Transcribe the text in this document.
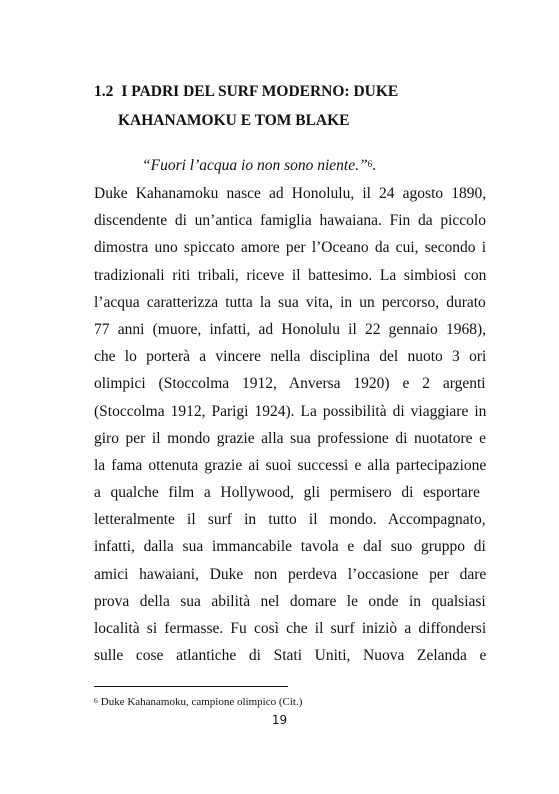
1.2 I PADRI DEL SURF MODERNO: DUKE
KAHANAMOKU E TOM BLAKE

“Fuori l’acqua io non sono niente.”$^6$.

Duke Kahanamoku nasce ad Honolulu, il 24 agosto 1890,
discendente di un’antica famiglia hawaiana. Fin da piccolo
dimostra uno spiccato amore per l’Oceano da cui, secondo i
tradizionali riti tribali, riceve il battesimo. La simbiosi con
l’acqua caratterizza tutta la sua vita, in un percorso, durato
77 anni (muore, infatti, ad Honolulu il 22 gennaio 1968),
che lo porterà a vincere nella disciplina del nuoto 3 ori
olimpici (Stoccolma 1912, Anversa 1920) e 2 argenti
(Stoccolma 1912, Parigi 1924). La possibilità di viaggiare in
giro per il mondo grazie alla sua professione di nuotatore e
la fama ottenuta grazie ai suoi successi e alla partecipazione
a qualche film a Hollywood, gli permisero di esportare
letteralmente il surf in tutto il mondo. Accompagnato,
infatti, dalla sua immancabile tavola e dal suo gruppo di
amici hawaiani, Duke non perdeva l’occasione per dare
prova della sua abilità nel domare le onde in qualsiasi
località si fermasse. Fu così che il surf iniziò a diffondersi
sulle cose atlantiche di Stati Uniti, Nuova Zelanda e
$^6$ Duke Kahanamoku, campione olimpico (Cit.)
19
